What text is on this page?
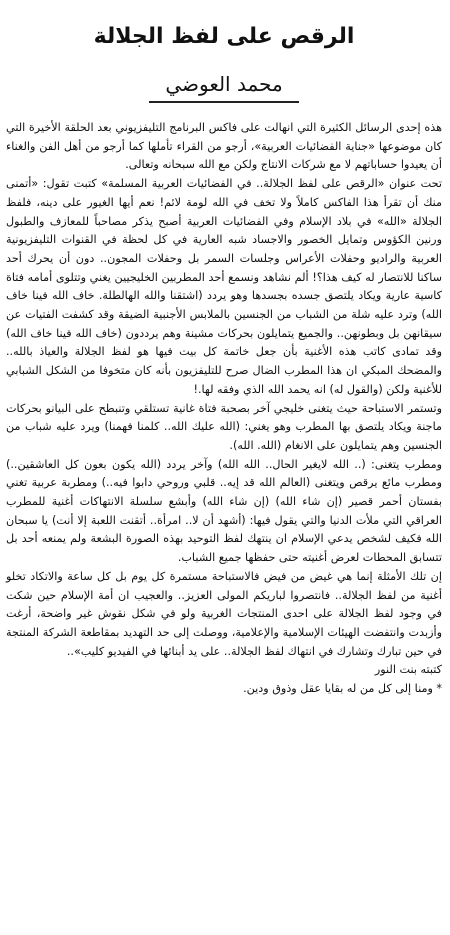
الرقص على لفظ الجلالة
محمد العوضي

هذه إحدى الرسائل الكثيرة التي انهالت على فاكس البرنامج التليفزيوني بعد الحلقة الأخيرة التي كان موضوعها «جناية الفضائيات العربية»، أرجو من القراء تأملها كما أرجو من أهل الفن والغناء أن يعيدوا حساباتهم لا مع شركات الانتاج ولكن مع الله سبحانه وتعالى.

تحت عنوان «الرقص على لفظ الجلالة.. في الفضائيات العربية المسلمة» كتبت تقول: «أتمنى منك أن تقرأ هذا الفاكس كاملاً ولا تخف في الله لومة لائم! نعم أيها الغيور على دينه، فلفظ الجلالة «الله» في بلاد الإسلام وفي الفضائيات العربية أصبح يذكر مصاحباً للمعازف والطبول ورنين الكؤوس وتمايل الخصور والاجساد شبه العارية في كل لحظة في القنوات التليفزيونية العربية والراديو وحفلات الأعراس وجلسات السمر بل وحفلات المجون.. دون أن يحرك أحد ساكنا للانتصار له كيف هذا؟! ألم نشاهد ونسمع أحد المطربين الخليجيين يغني وتتلوى أمامه فتاة كاسية عارية ويكاد يلتصق جسده بجسدها وهو يردد (اشتقنا والله الهالطلة. خاف الله فينا خاف الله) وترد عليه شلة من الشباب من الجنسين بالملابس الأجنبية الضيقة وقد كشفت الفتيات عن سيقانهن بل وبطونهن.. والجميع يتمايلون بحركات مشينة وهم يرددون (خاف الله فينا خاف الله) وقد تمادى كاتب هذه الأغنية بأن جعل خاتمة كل بيت فيها هو لفظ الجلالة والعياذ بالله.. والمضحك المبكي ان هذا المطرب الضال صرح للتليفزيون بأنه كان متخوفا من الشكل الشبابي للأغنية ولكن (والقول له) انه يحمد الله الذي وفقه لها.!

وتستمر الاستباحة حيث يتغنى خليجي آخر بصحبة فتاة غانية تستلقي وتنبطح على البيانو بحركات ماجنة ويكاد يلتصق بها المطرب وهو يغني: (الله عليك الله.. كلمنا فهمنا) ويرد عليه شباب من الجنسين وهم يتمايلون على الانغام (الله. الله).

ومطرب يتغنى: (.. الله لايغير الحال.. الله الله) وآخر يردد (الله يكون بعون كل العاشقين..) ومطرب مائع يرقص ويتغنى (العالم الله قد إيه.. قلبي وروحي دابوا فيه..) ومطربة عربية تغني بفستان أحمر قصير (إن شاء الله) (إن شاء الله) وأبشع سلسلة الانتهاكات أغنية للمطرب العراقي التي ملأت الدنيا والتي يقول فيها: (أشهد أن لا.. امرأة.. أتقنت اللعبة إلا أنت) يا سبحان الله فكيف لشخص يدعي الإسلام ان ينتهك لفظ التوحيد بهذه الصورة البشعة ولم يمنعه أحد بل تتسابق المحطات لعرض أغنيته حتى حفظها جميع الشباب.

إن تلك الأمثلة إنما هي غيض من فيض فالاستباحة مستمرة كل يوم بل كل ساعة والاتكاد تخلو أغنية من لفظ الجلالة.. فانتصروا لباريكم المولى العزيز.. والعجيب ان أمة الإسلام حين شكت في وجود لفظ الجلالة على احدى المنتجات الغربية ولو في شكل نقوش غير واضحة، أرغت وأزبدت وانتفضت الهيئات الإسلامية والإعلامية، ووصلت إلى حد التهديد بمقاطعة الشركة المنتجة في حين تبارك وتشارك في انتهاك لفظ الجلالة.. على يد أبنائها في الفيديو كليب»..

كتبته بنت النور

* ومنا إلى كل من له بقايا عقل وذوق ودين.
